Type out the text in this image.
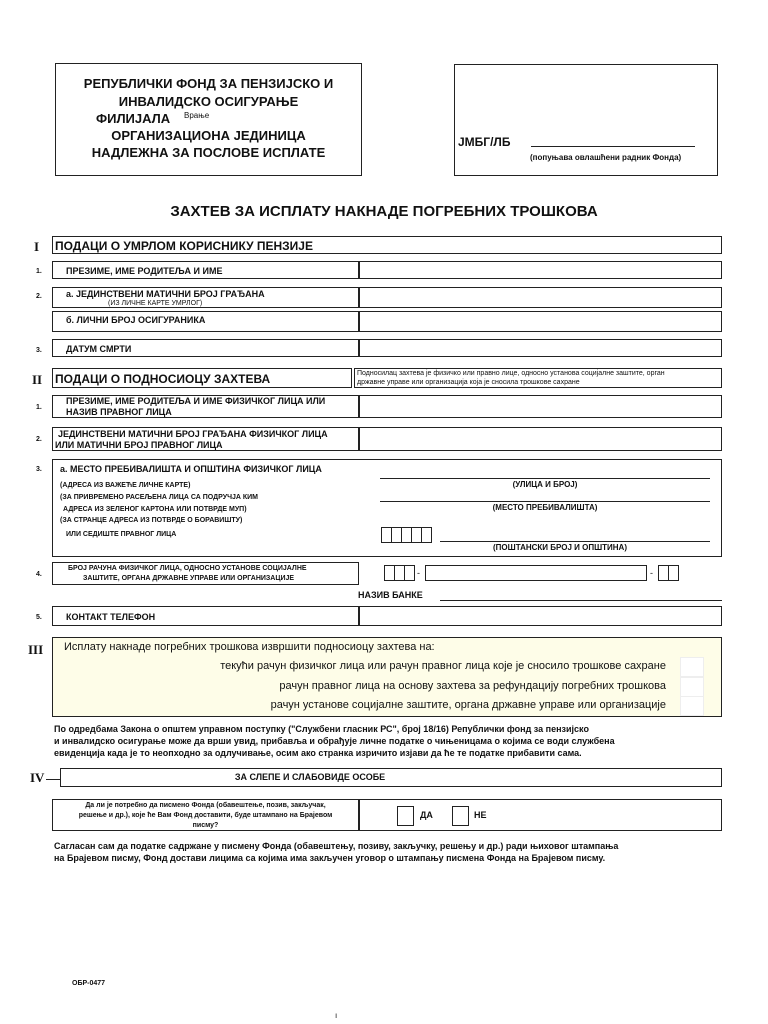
РЕПУБЛИЧКИ ФОНД ЗА ПЕНЗИЈСКО И
ИНВАЛИДСКО ОСИГУРАЊЕ
ФИЛИЈАЛА Врање
ОРГАНИЗАЦИОНА ЈЕДИНИЦА
НАДЛЕЖНА ЗА ПОСЛОВЕ ИСПЛАТЕ
ЈМБГ/ЛБ
(попуњава овлашћени радник Фонда)
ЗАХТЕВ ЗА ИСПЛАТУ НАКНАДЕ ПОГРЕБНИХ ТРОШКОВА
I ПОДАЦИ О УМРЛОМ КОРИСНИКУ ПЕНЗИЈЕ
1.	ПРЕЗИМЕ, ИМЕ РОДИТЕЉА И ИМЕ
2.	а. ЈЕДИНСТВЕНИ МАТИЧНИ БРОЈ ГРАЂАНА
(ИЗ ЛИЧНЕ КАРТЕ УМРЛОГ)
б. ЛИЧНИ БРОЈ ОСИГУРАНИКА
3.	ДАТУМ СМРТИ
II ПОДАЦИ О ПОДНОСИОЦУ ЗАХТЕВА	Подносилац захтева је физичко или правно лице, односно установа социјалне заштите, орган
државне управе или организација која је сносила трошкове сахране
1.
ПРЕЗИМЕ, ИМЕ РОДИТЕЉА И ИМЕ ФИЗИЧКОГ ЛИЦА ИЛИ
НАЗИВ ПРАВНОГ ЛИЦА
2.
ЈЕДИНСТВЕНИ МАТИЧНИ БРОЈ ГРАЂАНА ФИЗИЧКОГ ЛИЦА
ИЛИ МАТИЧНИ БРОЈ ПРАВНОГ ЛИЦА
3. а. МЕСТО ПРЕБИВАЛИШТА И ОПШТИНА ФИЗИЧКОГ ЛИЦА
(АДРЕСА ИЗ ВАЖЕЋЕ ЛИЧНЕ КАРТЕ)
(ЗА ПРИВРЕМЕНО РАСЕЉЕНА ЛИЦА СА ПОДРУЧЈА КИМ
АДРЕСА ИЗ ЗЕЛЕНОГ КАРТОНА ИЛИ ПОТВРДЕ МУП)
(ЗА СТРАНЦЕ АДРЕСА ИЗ ПОТВРДЕ О БОРАВИШТУ)
ИЛИ СЕДИШТЕ ПРАВНОГ ЛИЦА
(УЛИЦА И БРОЈ)
(МЕСТО ПРЕБИВАЛИШТА)
(ПОШТАНСКИ БРОЈ И ОПШТИНА)
4.
БРОЈ РАЧУНА ФИЗИЧКОГ ЛИЦА, ОДНОСНО УСТАНОВЕ СОЦИЈАЛНЕ
ЗАШТИТЕ, ОРГАНА ДРЖАВНЕ УПРАВЕ ИЛИ ОРГАНИЗАЦИЈЕ
-	-
НАЗИВ БАНКЕ
5.	КОНТАКТ ТЕЛЕФОН
III Исплату накнаде погребних трошкова извршити подносиоцу захтева на:
текући рачун физичког лица или рачун правног лица које је сносило трошкове сахране
рачун правног лица на основу захтева за рефундацију погребних трошкова
рачун установе социјалне заштите, органа државне управе или организације
По одредбама Закона о општем управном поступку ("Службени гласник РС", број 18/16) Републички фонд за пензијско
и инвалидско осигурање може да врши увид, прибавља и обрађује личне податке о чињеницама о којима се води службена
евиденција када је то неопходно за одлучивање, осим ако странка изричито изјави да ће те податке прибавити сама.
IV	ЗА СЛЕПЕ И СЛАБОВИДЕ ОСОБЕ
Да ли је потребно да писмено Фонда (обавештење, позив, закључак,
решење и др.), које ће Вам Фонд доставити, буде штампано на Брајевом
писму?
ДА	НЕ
Сагласан сам да податке садржане у писмену Фонда (обавештењу, позиву, закључку, решењу и др.) ради њиховог штампања
на Брајевом писму, Фонд достави лицима са којима има закључен уговор о штампању писмена Фонда на Брајевом писму.
ОБР-0477
ı
